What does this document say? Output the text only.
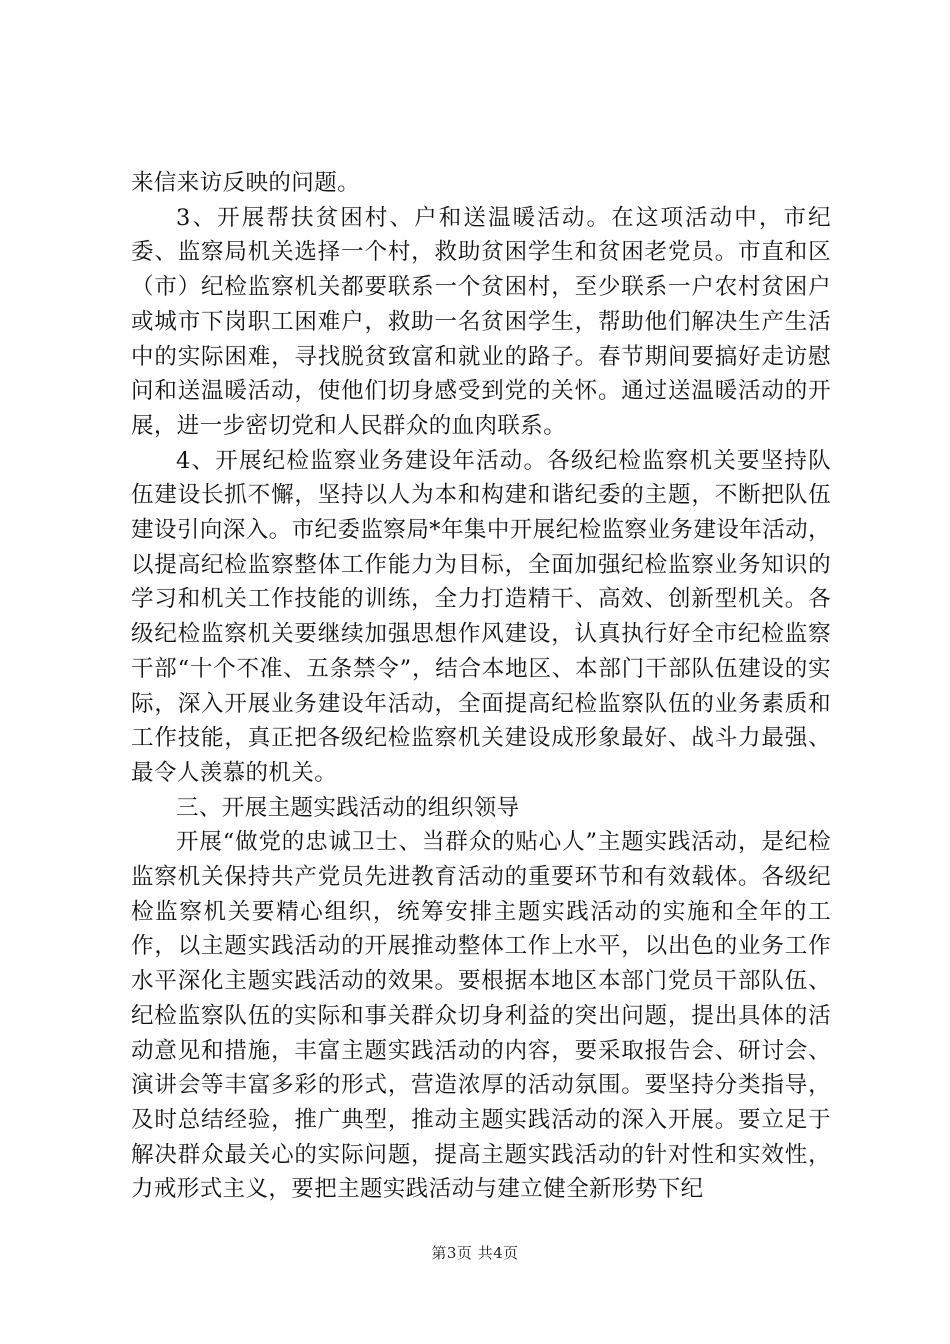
来信来访反映的问题。

3、开展帮扶贫困村、户和送温暖活动。在这项活动中，市纪委、监察局机关选择一个村，救助贫困学生和贫困老党员。市直和区（市）纪检监察机关都要联系一个贫困村，至少联系一户农村贫困户或城市下岗职工困难户，救助一名贫困学生，帮助他们解决生产生活中的实际困难，寻找脱贫致富和就业的路子。春节期间要搞好走访慰问和送温暖活动，使他们切身感受到党的关怀。通过送温暖活动的开展，进一步密切党和人民群众的血肉联系。

4、开展纪检监察业务建设年活动。各级纪检监察机关要坚持队伍建设长抓不懈，坚持以人为本和构建和谐纪委的主题，不断把队伍建设引向深入。市纪委监察局*年集中开展纪检监察业务建设年活动，以提高纪检监察整体工作能力为目标，全面加强纪检监察业务知识的学习和机关工作技能的训练，全力打造精干、高效、创新型机关。各级纪检监察机关要继续加强思想作风建设，认真执行好全市纪检监察干部“十个不准、五条禁令”，结合本地区、本部门干部队伍建设的实际，深入开展业务建设年活动，全面提高纪检监察队伍的业务素质和工作技能，真正把各级纪检监察机关建设成形象最好、战斗力最强、最令人羡慕的机关。

三、开展主题实践活动的组织领导

开展“做党的忠诚卫士、当群众的贴心人”主题实践活动，是纪检监察机关保持共产党员先进教育活动的重要环节和有效载体。各级纪检监察机关要精心组织，统筹安排主题实践活动的实施和全年的工作，以主题实践活动的开展推动整体工作上水平，以出色的业务工作水平深化主题实践活动的效果。要根据本地区本部门党员干部队伍、纪检监察队伍的实际和事关群众切身利益的突出问题，提出具体的活动意见和措施，丰富主题实践活动的内容，要采取报告会、研讨会、演讲会等丰富多彩的形式，营造浓厚的活动氛围。要坚持分类指导，及时总结经验，推广典型，推动主题实践活动的深入开展。要立足于解决群众最关心的实际问题，提高主题实践活动的针对性和实效性，力戒形式主义，要把主题实践活动与建立健全新形势下纪

第3页 共4页
